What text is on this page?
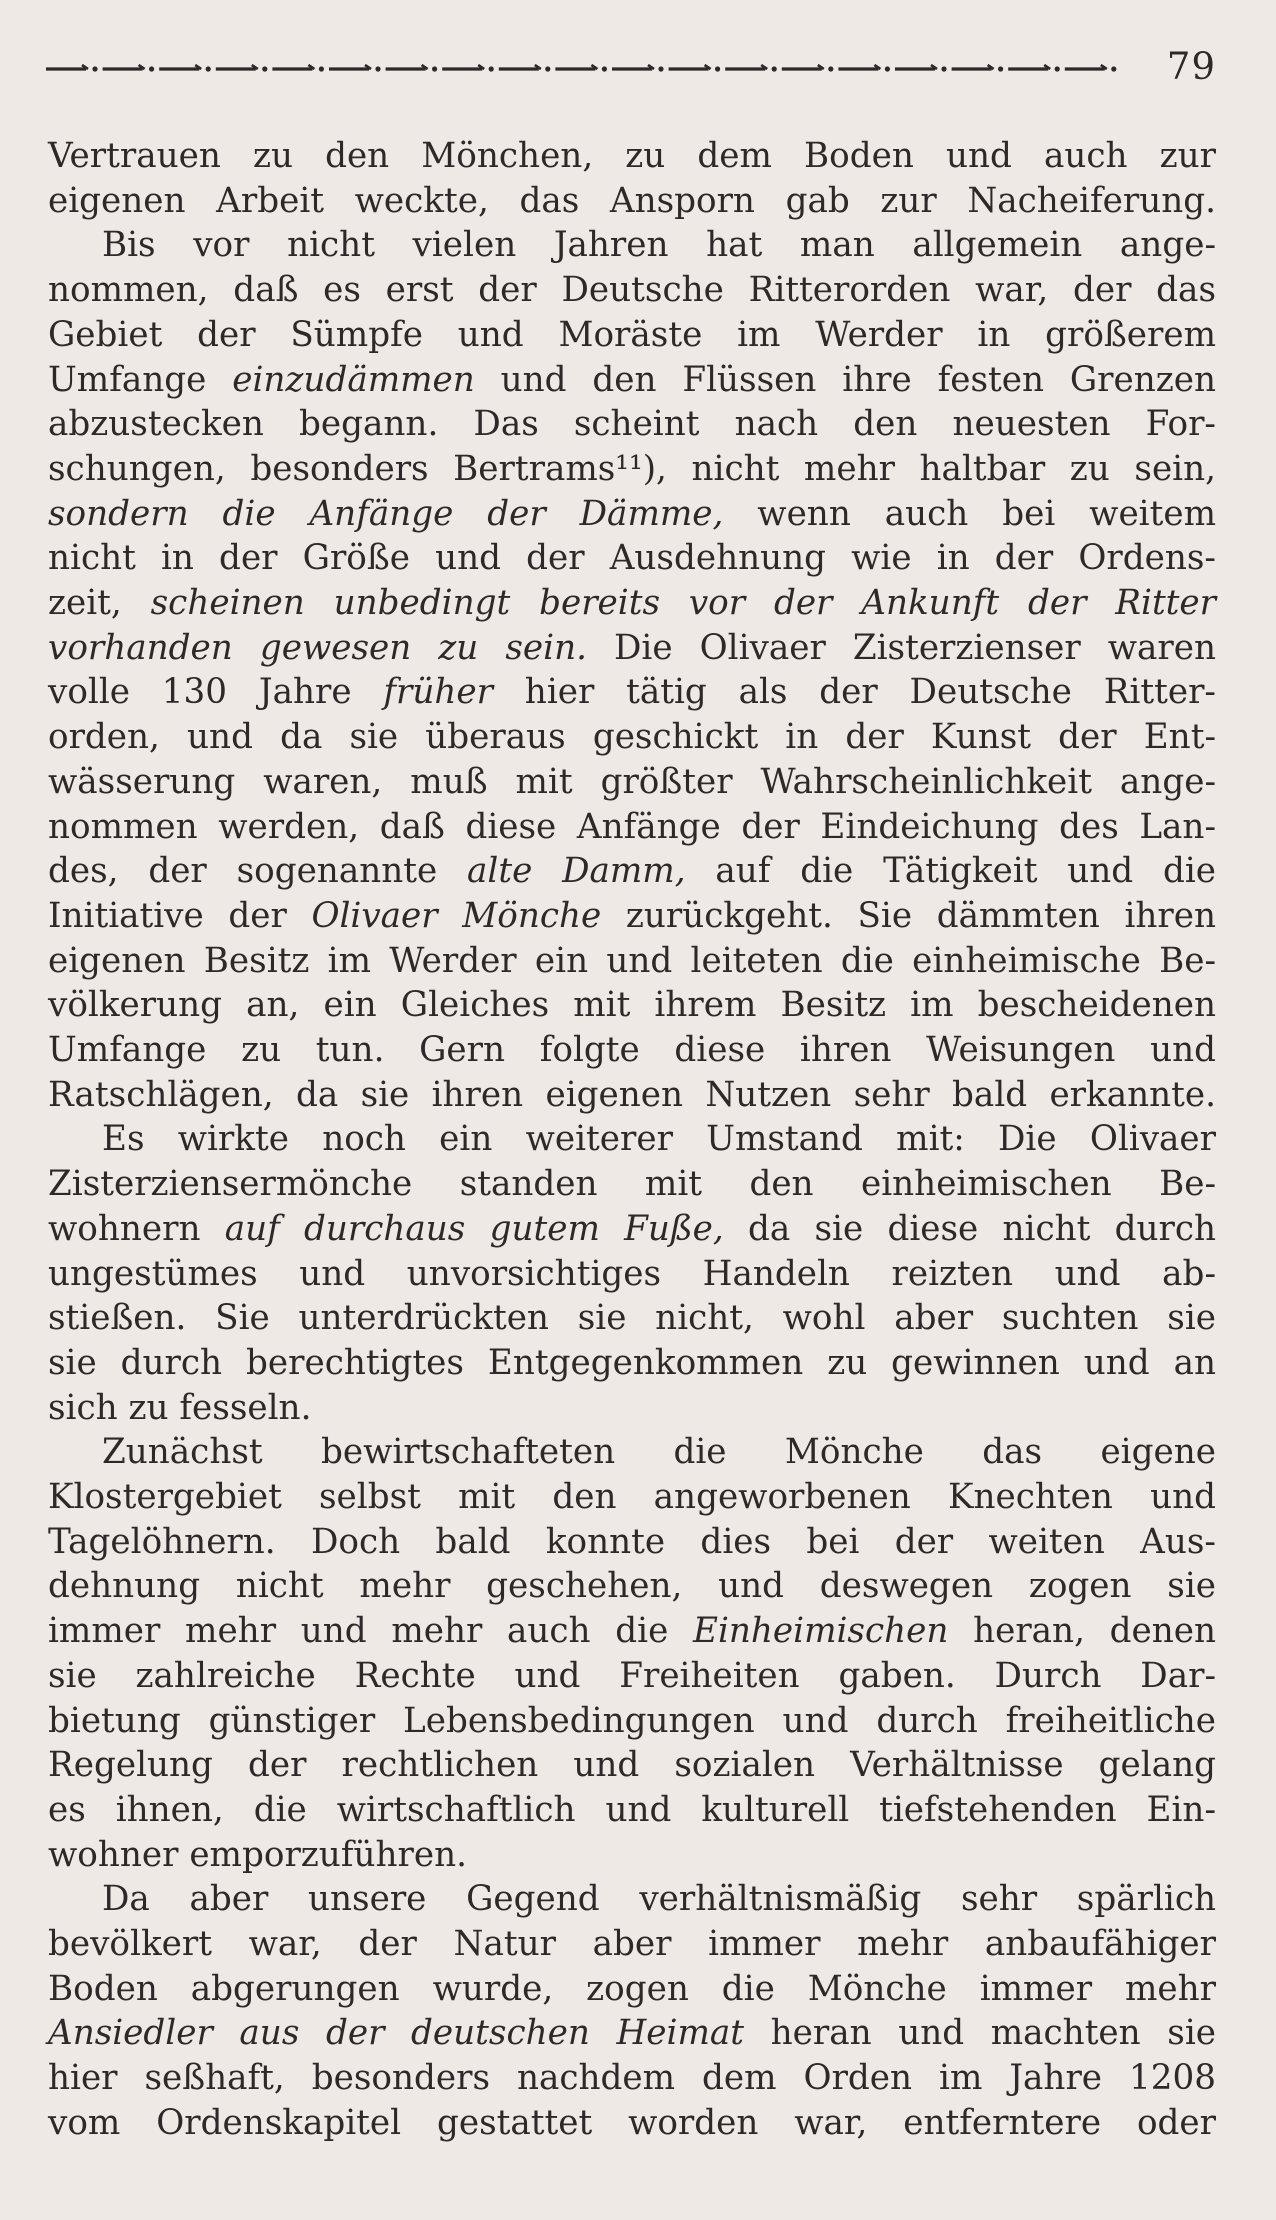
79
Vertrauen zu den Mönchen, zu dem Boden und auch zur
eigenen Arbeit weckte, das Ansporn gab zur Nacheiferung.
Bis vor nicht vielen Jahren hat man allgemein ange-
nommen, daß es erst der Deutsche Ritterorden war, der das
Gebiet der Sümpfe und Moräste im Werder in größerem
Umfange einzudämmen und den Flüssen ihre festen Grenzen
abzustecken begann. Das scheint nach den neuesten For-
schungen, besonders Bertrams¹¹), nicht mehr haltbar zu sein,
sondern die Anfänge der Dämme, wenn auch bei weitem
nicht in der Größe und der Ausdehnung wie in der Ordens-
zeit, scheinen unbedingt bereits vor der Ankunft der Ritter
vorhanden gewesen zu sein. Die Olivaer Zisterzienser waren
volle 130 Jahre früher hier tätig als der Deutsche Ritter-
orden, und da sie überaus geschickt in der Kunst der Ent-
wässerung waren, muß mit größter Wahrscheinlichkeit ange-
nommen werden, daß diese Anfänge der Eindeichung des Lan-
des, der sogenannte alte Damm, auf die Tätigkeit und die
Initiative der Olivaer Mönche zurückgeht. Sie dämmten ihren
eigenen Besitz im Werder ein und leiteten die einheimische Be-
völkerung an, ein Gleiches mit ihrem Besitz im bescheidenen
Umfange zu tun. Gern folgte diese ihren Weisungen und
Ratschlägen, da sie ihren eigenen Nutzen sehr bald erkannte.
Es wirkte noch ein weiterer Umstand mit: Die Olivaer
Zisterziensermönche standen mit den einheimischen Be-
wohnern auf durchaus gutem Fuße, da sie diese nicht durch
ungestümes und unvorsichtiges Handeln reizten und ab-
stießen. Sie unterdrückten sie nicht, wohl aber suchten sie
sie durch berechtigtes Entgegenkommen zu gewinnen und an
sich zu fesseln.
Zunächst bewirtschafteten die Mönche das eigene
Klostergebiet selbst mit den angeworbenen Knechten und
Tagelöhnern. Doch bald konnte dies bei der weiten Aus-
dehnung nicht mehr geschehen, und deswegen zogen sie
immer mehr und mehr auch die Einheimischen heran, denen
sie zahlreiche Rechte und Freiheiten gaben. Durch Dar-
bietung günstiger Lebensbedingungen und durch freiheitliche
Regelung der rechtlichen und sozialen Verhältnisse gelang
es ihnen, die wirtschaftlich und kulturell tiefstehenden Ein-
wohner emporzuführen.
Da aber unsere Gegend verhältnismäßig sehr spärlich
bevölkert war, der Natur aber immer mehr anbaufähiger
Boden abgerungen wurde, zogen die Mönche immer mehr
Ansiedler aus der deutschen Heimat heran und machten sie
hier seßhaft, besonders nachdem dem Orden im Jahre 1208
vom Ordenskapitel gestattet worden war, entferntere oder
